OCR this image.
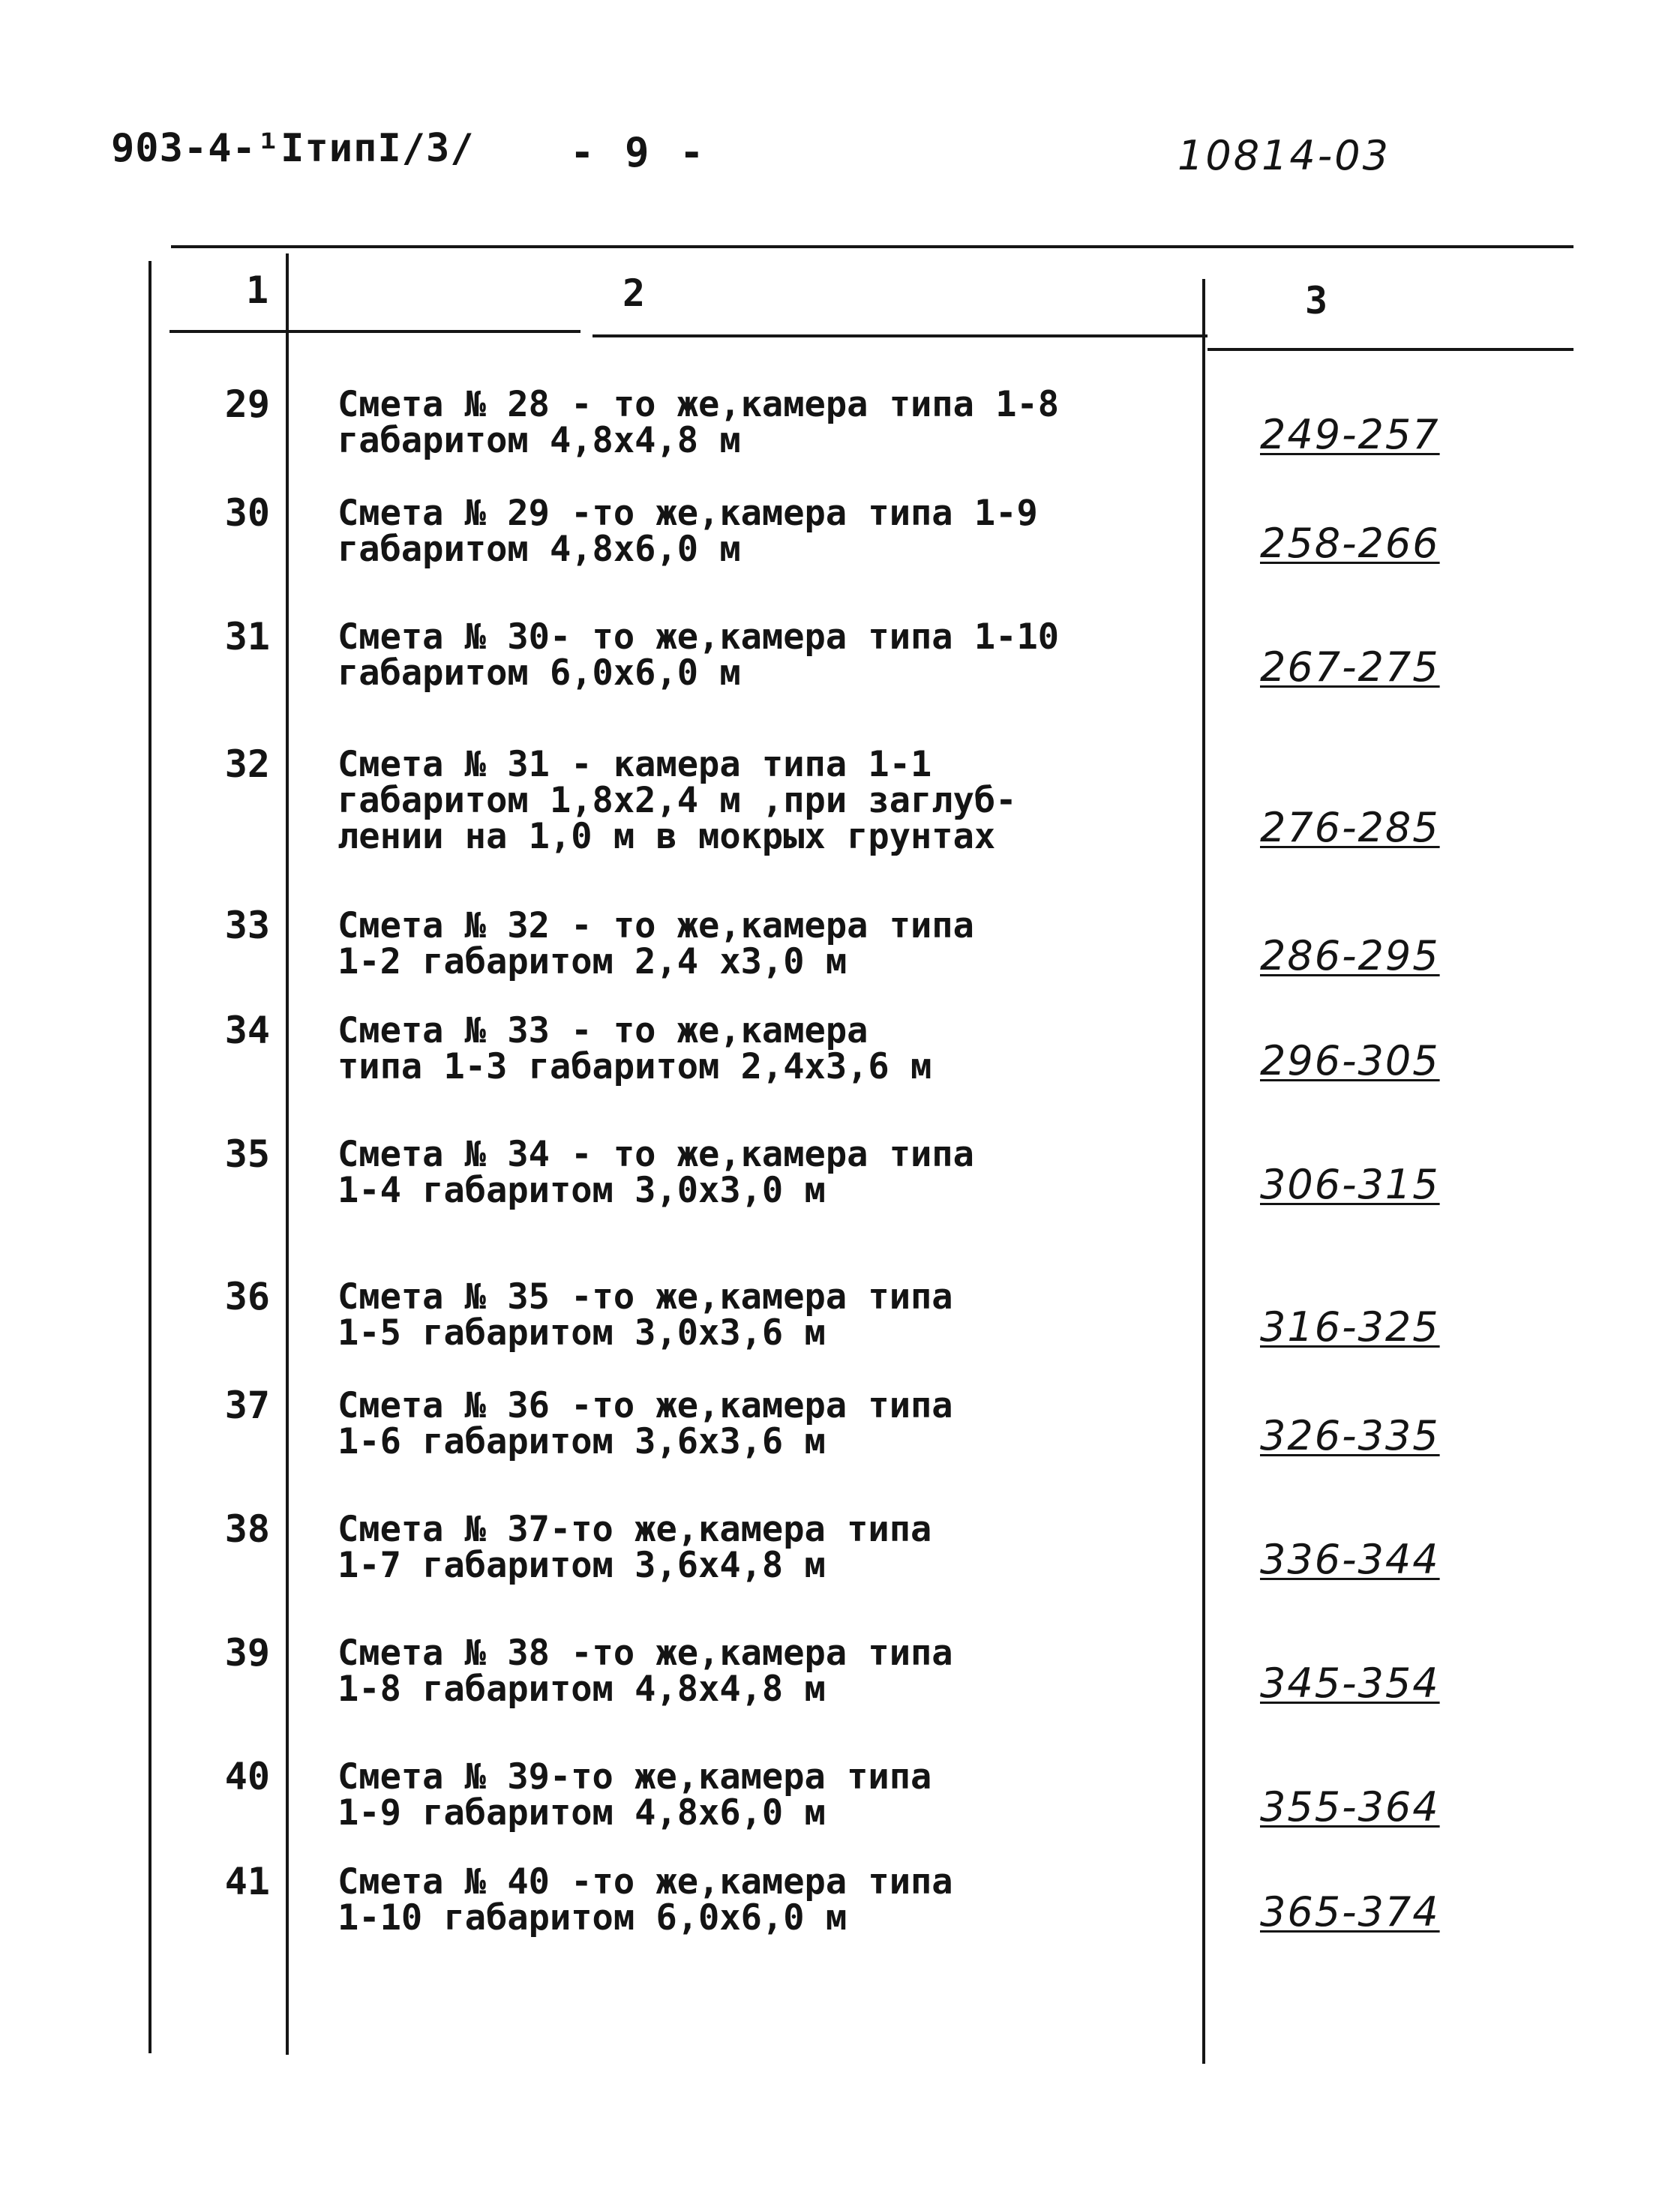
903-4-¹ІтипІ/3/ - 9 -	10814-03
1	2	3
29 Смета № 28 - то же,камера типа 1-8
габаритом 4,8x4,8 м	249-257
30 Смета № 29 -то же,камера типа 1-9
габаритом 4,8x6,0 м	258-266
31 Смета № 30- то же,камера типа 1-10
габаритом 6,0x6,0 м	267-275
32 Смета № 31 - камера типа 1-1
габаритом 1,8x2,4 м ,при заглуб-
лении на 1,0 м в мокрых грунтах	276-285
33 Смета № 32 - то же,камера типа
1-2 габаритом 2,4 x3,0 м	286-295
34 Смета № 33 - то же,камера
типа 1-3 габаритом 2,4x3,6 м	296-305
35 Смета № 34 - то же,камера типа
1-4 габаритом 3,0x3,0 м	306-315
36 Смета № 35 -то же,камера типа
1-5 габаритом 3,0x3,6 м	316-325
37 Смета № 36 -то же,камера типа
1-6 габаритом 3,6x3,6 м	326-335
38 Смета № 37-то же,камера типа
1-7 габаритом 3,6x4,8 м	336-344
39 Смета № 38 -то же,камера типа
1-8 габаритом 4,8x4,8 м	345-354
40 Смета № 39-то же,камера типа
1-9 габаритом 4,8x6,0 м	355-364
41 Смета № 40 -то же,камера типа
1-10 габаритом 6,0x6,0 м	365-374
